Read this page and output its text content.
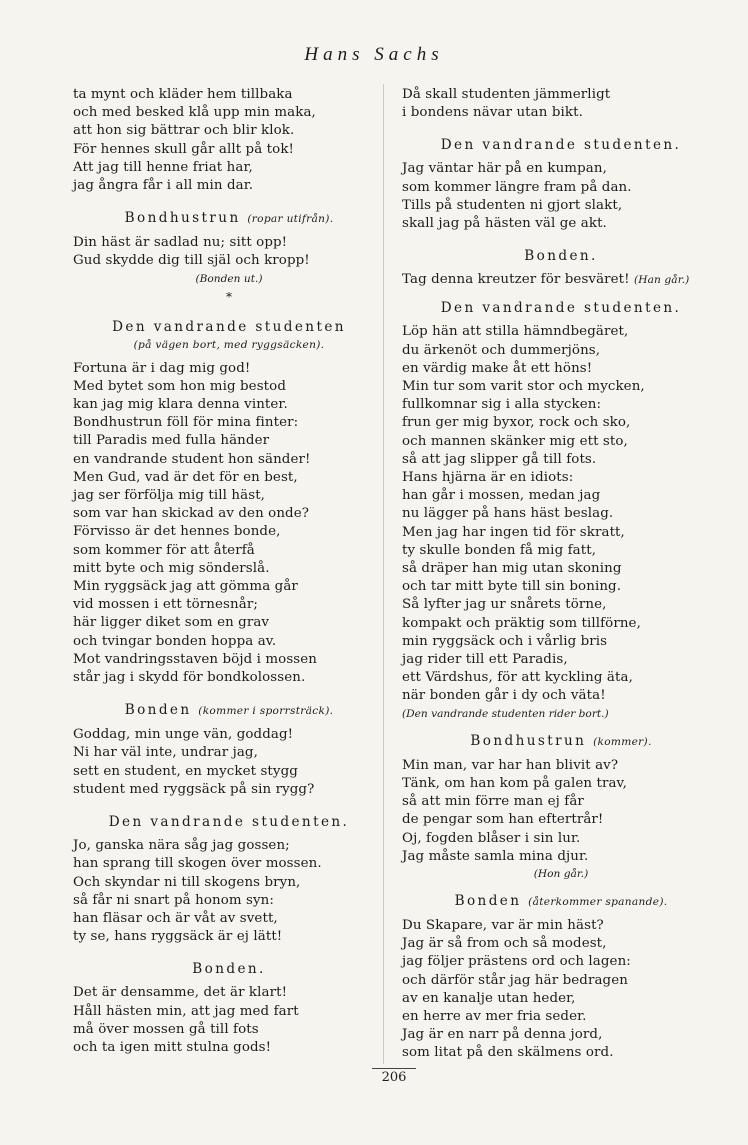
Hans Sachs
ta mynt och kläder hem tillbaka
och med besked klå upp min maka,
att hon sig bättrar och blir klok.
För hennes skull går allt på tok!
Att jag till henne friat har,
jag ångra får i all min dar.
Bondhustrun (ropar utifrån).
Din häst är sadlad nu; sitt opp!
Gud skydde dig till själ och kropp!
(Bonden ut.)
*
Den vandrande studenten
(på vägen bort, med ryggsäcken).
Fortuna är i dag mig god!
Med bytet som hon mig bestod
kan jag mig klara denna vinter.
Bondhustrun föll för mina finter:
till Paradis med fulla händer
en vandrande student hon sänder!
Men Gud, vad är det för en best,
jag ser förfölja mig till häst,
som var han skickad av den onde?
Förvisso är det hennes bonde,
som kommer för att återfå
mitt byte och mig sönderslå.
Min ryggsäck jag att gömma går
vid mossen i ett törnesnår;
här ligger diket som en grav
och tvingar bonden hoppa av.
Mot vandringsstaven böjd i mossen
står jag i skydd för bondkolossen.
Bonden (kommer i sporrsträck).
Goddag, min unge vän, goddag!
Ni har väl inte, undrar jag,
sett en student, en mycket stygg
student med ryggsäck på sin rygg?
Den vandrande studenten.
Jo, ganska nära såg jag gossen;
han sprang till skogen över mossen.
Och skyndar ni till skogens bryn,
så får ni snart på honom syn:
han fläsar och är våt av svett,
ty se, hans ryggsäck är ej lätt!
Bonden.
Det är densamme, det är klart!
Håll hästen min, att jag med fart
må över mossen gå till fots
och ta igen mitt stulna gods!
Då skall studenten jämmerligt
i bondens nävar utan bikt.
Den vandrande studenten.
Jag väntar här på en kumpan,
som kommer längre fram på dan.
Tills på studenten ni gjort slakt,
skall jag på hästen väl ge akt.
Bonden.
Tag denna kreutzer för besväret! (Han går.)
Den vandrande studenten.
Löp hän att stilla hämndbegäret,
du ärkenöt och dummerjöns,
en värdig make åt ett höns!
Min tur som varit stor och mycken,
fullkomnar sig i alla stycken:
frun ger mig byxor, rock och sko,
och mannen skänker mig ett sto,
så att jag slipper gå till fots.
Hans hjärna är en idiots:
han går i mossen, medan jag
nu lägger på hans häst beslag.
Men jag har ingen tid för skratt,
ty skulle bonden få mig fatt,
så dräper han mig utan skoning
och tar mitt byte till sin boning.
Så lyfter jag ur snårets törne,
kompakt och präktig som tillförne,
min ryggsäck och i vårlig bris
jag rider till ett Paradis,
ett Värdshus, för att kyckling äta,
när bonden går i dy och väta!
(Den vandrande studenten rider bort.)
Bondhustrun (kommer).
Min man, var har han blivit av?
Tänk, om han kom på galen trav,
så att min förre man ej får
de pengar som han eftertrår!
Oj, fogden blåser i sin lur.
Jag måste samla mina djur.
(Hon går.)
Bonden (återkommer spanande).
Du Skapare, var är min häst?
Jag är så from och så modest,
jag följer prästens ord och lagen:
och därför står jag här bedragen
av en kanalje utan heder,
en herre av mer fria seder.
Jag är en narr på denna jord,
som litat på den skälmens ord.
206
